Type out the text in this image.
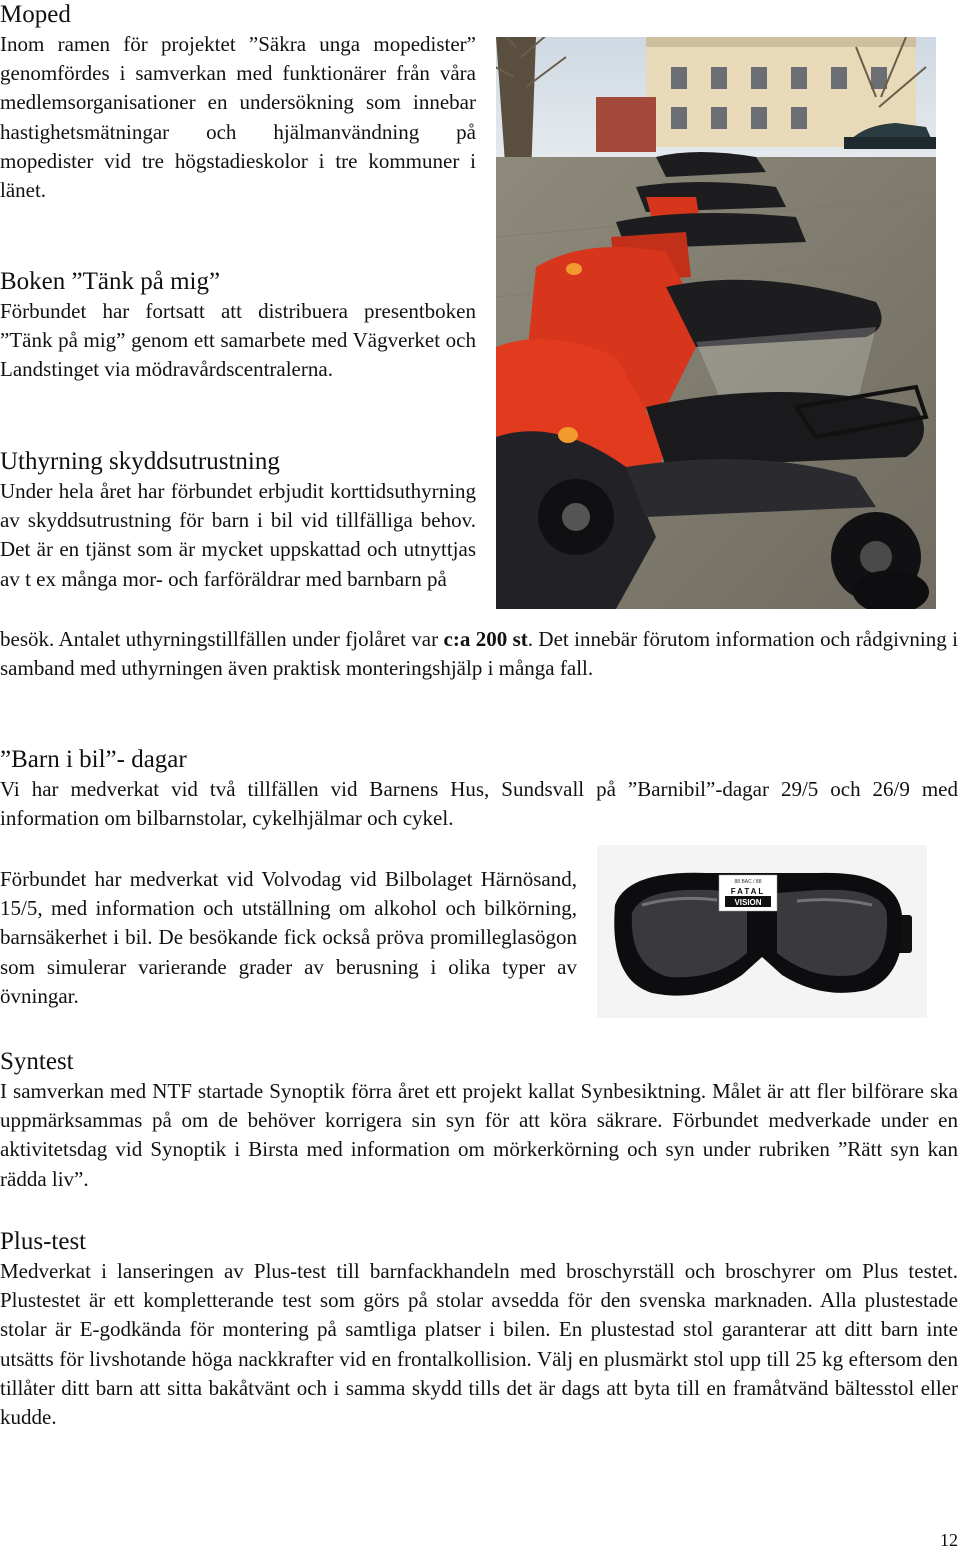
Moped

Inom ramen för projektet ”Säkra unga mopedister” genomfördes i samverkan med funktionärer från våra medlemsorganisationer en undersökning som innebar hastighetsmätningar och hjälmanvändning på mopedister vid tre högstadieskolor i tre kommuner i länet.

Boken ”Tänk på mig”

Förbundet har fortsatt att distribuera presentboken ”Tänk på mig” genom ett samarbete med Vägverket och Landstinget via mödravårdscentralerna.

Uthyrning skyddsutrustning

Under hela året har förbundet erbjudit korttidsuthyrning av skyddsutrustning för barn i bil vid tillfälliga behov. Det är en tjänst som är mycket uppskattad och utnyttjas av t ex många mor- och farföräldrar med barnbarn på

besök. Antalet uthyrningstillfällen under fjolåret var c:a 200 st. Det innebär förutom information och rådgivning i samband med uthyrningen även praktisk monteringshjälp i många fall.

”Barn i bil”- dagar

Vi har medverkat vid två tillfällen vid Barnens Hus, Sundsvall på ”Barnibil”-dagar 29/5 och 26/9 med information om bilbarnstolar, cykelhjälmar och cykel.

Förbundet har medverkat vid Volvodag vid Bilbolaget Härnösand, 15/5, med information och utställning om alkohol och bilkörning, barnsäkerhet i bil. De besökande fick också pröva promilleglasögon som simulerar varierande grader av berusning i olika typer av övningar.

Syntest

I samverkan med NTF startade Synoptik förra året ett projekt kallat Synbesiktning. Målet är att fler bilförare ska uppmärksammas på om de behöver korrigera sin syn för att köra säkrare. Förbundet medverkade under en aktivitetsdag vid Synoptik i Birsta med information om mörkerkörning och syn under rubriken ”Rätt syn kan rädda liv”.

Plus-test

Medverkat i lanseringen av Plus-test till barnfackhandeln med broschyrställ och broschyrer om Plus testet. Plustestet är ett kompletterande test som görs på stolar avsedda för den svenska marknaden. Alla plustestade stolar är E-godkända för montering på samtliga platser i bilen. En plustestad stol garanterar att ditt barn inte utsätts för livshotande höga nackkrafter vid en frontalkollision. Välj en plusmärkt stol upp till 25 kg eftersom den tillåter ditt barn att sitta bakåtvänt och i samma skydd tills det är dags att byta till en framåtvänd bältesstol eller kudde.

88 BAC / 88
FATAL
VISION
12
